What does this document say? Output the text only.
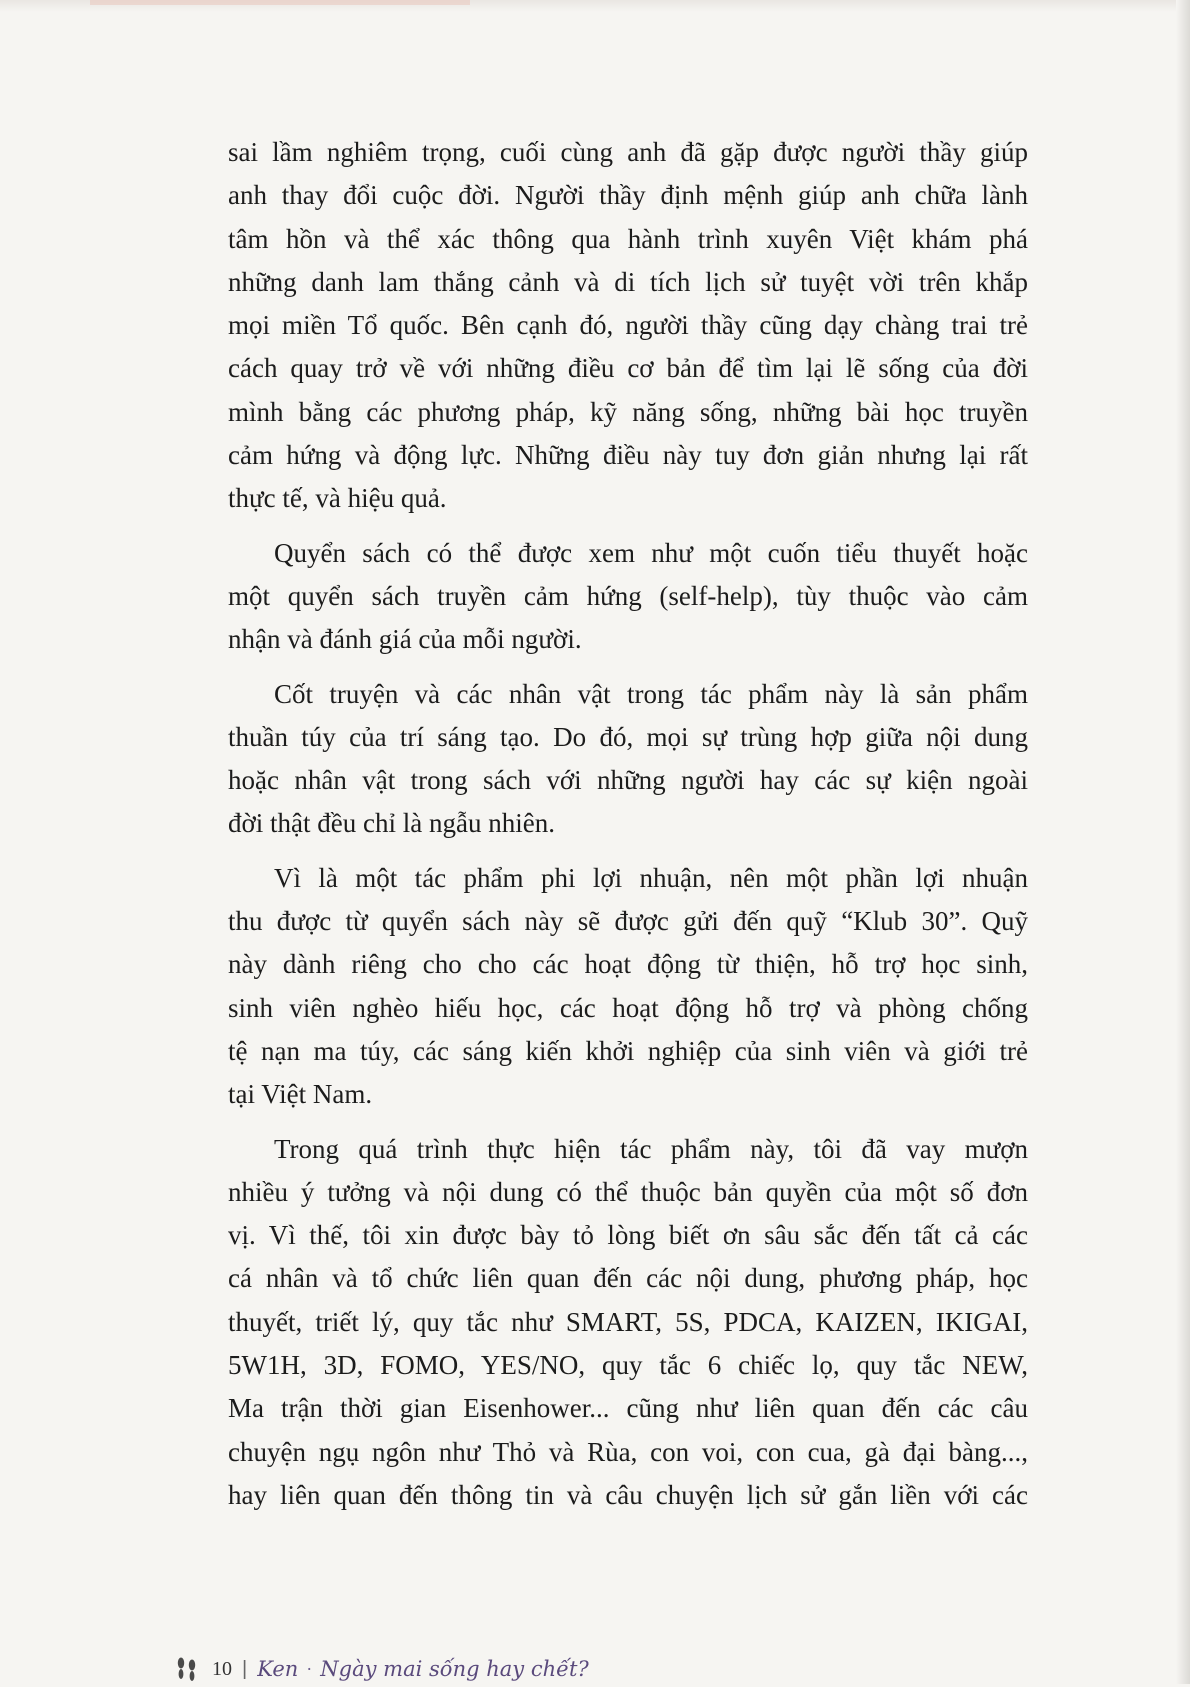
sai lầm nghiêm trọng, cuối cùng anh đã gặp được người thầy giúp
anh thay đổi cuộc đời. Người thầy định mệnh giúp anh chữa lành
tâm hồn và thể xác thông qua hành trình xuyên Việt khám phá
những danh lam thắng cảnh và di tích lịch sử tuyệt vời trên khắp
mọi miền Tổ quốc. Bên cạnh đó, người thầy cũng dạy chàng trai trẻ
cách quay trở về với những điều cơ bản để tìm lại lẽ sống của đời
mình bằng các phương pháp, kỹ năng sống, những bài học truyền
cảm hứng và động lực. Những điều này tuy đơn giản nhưng lại rất
thực tế, và hiệu quả.
Quyển sách có thể được xem như một cuốn tiểu thuyết hoặc
một quyển sách truyền cảm hứng (self-help), tùy thuộc vào cảm
nhận và đánh giá của mỗi người.
Cốt truyện và các nhân vật trong tác phẩm này là sản phẩm
thuần túy của trí sáng tạo. Do đó, mọi sự trùng hợp giữa nội dung
hoặc nhân vật trong sách với những người hay các sự kiện ngoài
đời thật đều chỉ là ngẫu nhiên.
Vì là một tác phẩm phi lợi nhuận, nên một phần lợi nhuận
thu được từ quyển sách này sẽ được gửi đến quỹ “Klub 30”. Quỹ
này dành riêng cho cho các hoạt động từ thiện, hỗ trợ học sinh,
sinh viên nghèo hiếu học, các hoạt động hỗ trợ và phòng chống
tệ nạn ma túy, các sáng kiến khởi nghiệp của sinh viên và giới trẻ
tại Việt Nam.
Trong quá trình thực hiện tác phẩm này, tôi đã vay mượn
nhiều ý tưởng và nội dung có thể thuộc bản quyền của một số đơn
vị. Vì thế, tôi xin được bày tỏ lòng biết ơn sâu sắc đến tất cả các
cá nhân và tổ chức liên quan đến các nội dung, phương pháp, học
thuyết, triết lý, quy tắc như SMART, 5S, PDCA, KAIZEN, IKIGAI,
5W1H, 3D, FOMO, YES/NO, quy tắc 6 chiếc lọ, quy tắc NEW,
Ma trận thời gian Eisenhower... cũng như liên quan đến các câu
chuyện ngụ ngôn như Thỏ và Rùa, con voi, con cua, gà đại bàng...,
hay liên quan đến thông tin và câu chuyện lịch sử gắn liền với các
10 | Ken · Ngày mai sống hay chết?
